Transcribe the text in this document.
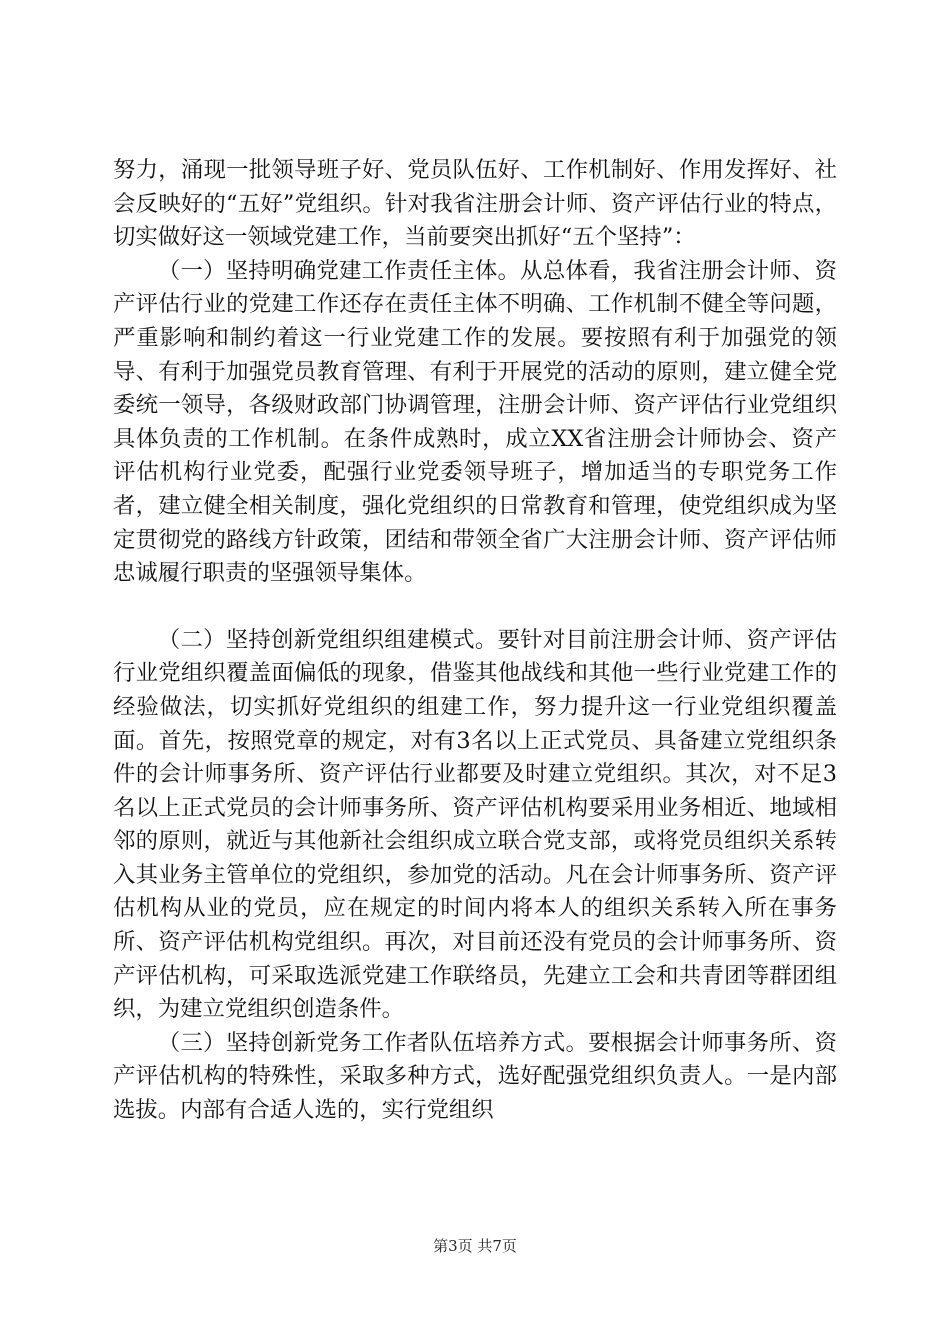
努力，涌现一批领导班子好、党员队伍好、工作机制好、作用发挥好、社会反映好的“五好”党组织。针对我省注册会计师、资产评估行业的特点，切实做好这一领域党建工作，当前要突出抓好“五个坚持”：

（一）坚持明确党建工作责任主体。从总体看，我省注册会计师、资产评估行业的党建工作还存在责任主体不明确、工作机制不健全等问题，严重影响和制约着这一行业党建工作的发展。要按照有利于加强党的领导、有利于加强党员教育管理、有利于开展党的活动的原则，建立健全党委统一领导，各级财政部门协调管理，注册会计师、资产评估行业党组织具体负责的工作机制。在条件成熟时，成立XX省注册会计师协会、资产评估机构行业党委，配强行业党委领导班子，增加适当的专职党务工作者，建立健全相关制度，强化党组织的日常教育和管理，使党组织成为坚定贯彻党的路线方针政策，团结和带领全省广大注册会计师、资产评估师忠诚履行职责的坚强领导集体。

（二）坚持创新党组织组建模式。要针对目前注册会计师、资产评估行业党组织覆盖面偏低的现象，借鉴其他战线和其他一些行业党建工作的经验做法，切实抓好党组织的组建工作，努力提升这一行业党组织覆盖面。首先，按照党章的规定，对有3名以上正式党员、具备建立党组织条件的会计师事务所、资产评估行业都要及时建立党组织。其次，对不足3名以上正式党员的会计师事务所、资产评估机构要采用业务相近、地域相邻的原则，就近与其他新社会组织成立联合党支部，或将党员组织关系转入其业务主管单位的党组织，参加党的活动。凡在会计师事务所、资产评估机构从业的党员，应在规定的时间内将本人的组织关系转入所在事务所、资产评估机构党组织。再次，对目前还没有党员的会计师事务所、资产评估机构，可采取选派党建工作联络员，先建立工会和共青团等群团组织，为建立党组织创造条件。

（三）坚持创新党务工作者队伍培养方式。要根据会计师事务所、资产评估机构的特殊性，采取多种方式，选好配强党组织负责人。一是内部选拔。内部有合适人选的，实行党组织

第3页 共7页
